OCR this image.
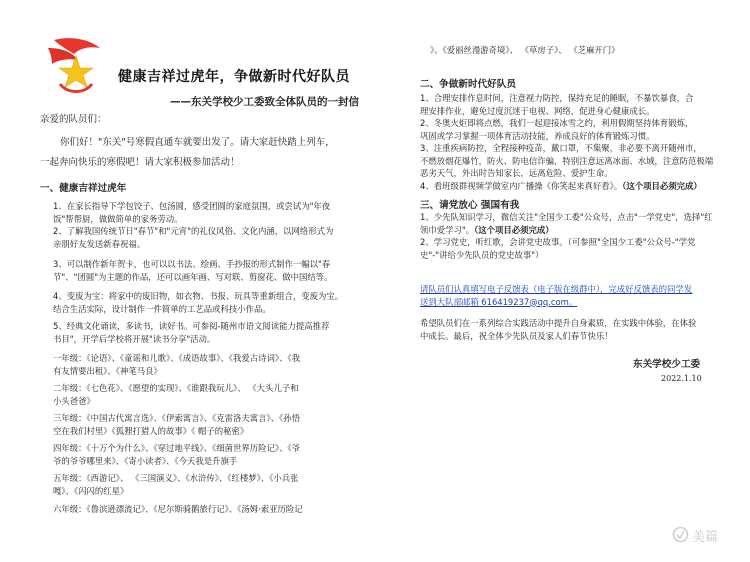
健康吉祥过虎年，争做新时代好队员
——东关学校少工委致全体队员的一封信
亲爱的队员们：
你们好！"东关"号寒假直通车就要出发了。请大家赶快踏上列车，
一起奔向快乐的寒假吧！请大家积极参加活动！
一、健康吉祥过虎年
1、在家长指导下学包饺子、包汤圆，感受团圆的家庭氛围，或尝试为"年夜
饭"帮帮厨，做做简单的家务劳动。
2、了解我国传统节日"春节"和"元宵"的礼仪风俗、文化内涵，以网络形式为
亲朋好友发送新春祝福。
3、可以制作新年贺卡，也可以以书法、绘画、手抄报的形式制作一幅以"春
节"、"团圆"为主题的作品，还可以画年画、写对联、剪窗花、做中国结等。
4、变废为宝：将家中的废旧物，如衣物、书报、玩具等重新组合，变废为宝。
结合生活实际，设计制作一件简单的工艺品或科技小作品。
5、经典文化诵读，多读书，读好书。可参阅-随州市语文阅读能力提高推荐
书目"，开学后学校将开展"读书分享"活动。
一年级：《论语》、《童谣和儿歌》、《成语故事》、《我爱古诗词》、《我
有友情要出租》、《神笔马良》
二年级：《七色花》、《愿望的实现》、《谁跟我玩儿》、 《大头儿子和
小头爸爸》
三年级：《中国古代寓言选》、《伊索寓言》、《克雷洛夫寓言》、《孙悟
空在我们村里》《狐狸打猎人的故事》《 帽子的秘密》
四年级：《十万个为什么》、《穿过地平线》、《细菌世界历险记》、《爷
爷的爷爷哪里来》、《寄小读者》、《今天我是升旗手
五年级：《西游记》、 《三国演义》、《水浒传》、《红楼梦》、《小兵张
嘎》、《闪闪的红星》
六年级：《鲁滨逊漂流记》、《尼尔斯骑鹅旅行记》、《汤姆·索亚历险记
》、《爱丽丝漫游奇境》、 《草房子》、 《芝麻开门》
二、争做新时代好队员
1、合理安排作息时间，注意视力防控，保持充足的睡眠，不暴饮暴食，合
理安排作业，避免过度沉迷于电视、网络，促进身心健康成长。
2、冬奥火炬即将点燃，我们一起迎接冰雪之约，利用假期坚持体育锻炼，
巩固或学习掌握一项体育活动技能，养成良好的体育锻炼习惯。
3、注重疾病防控，全程接种疫苗，戴口罩，不集聚，非必要不离开随州市，
不燃放烟花爆竹，防火、防电信诈骗，特别注意远离冰面、水域，注意防范极端
恶劣天气，外出时告知家长，远离危险、爱护生命。
4、看班级群视频学做室内广播操《你笑起来真好看》。（这个项目必须完成）
三、请党放心 强国有我
1、少先队知识学习，微信关注"全国少工委"公众号，点击"一学党史"，选择"红
领巾爱学习"。（这个项目必须完成）
2、学习党史，听红歌，会讲党史故事。（可参照"全国少工委"公众号-"学党
史"-"讲给少先队员的党史故事"）
请队员们认真填写电子反馈表（电子版在级群中），完成好反馈表的同学发
送到大队部邮箱 616419237@qq.com。
希望队员们在一系列综合实践活动中提升自身素质，在实践中体验，在体验
中成长。最后，祝全体少先队员及家人们春节快乐！
东关学校少工委
2022.1.10
美篇
